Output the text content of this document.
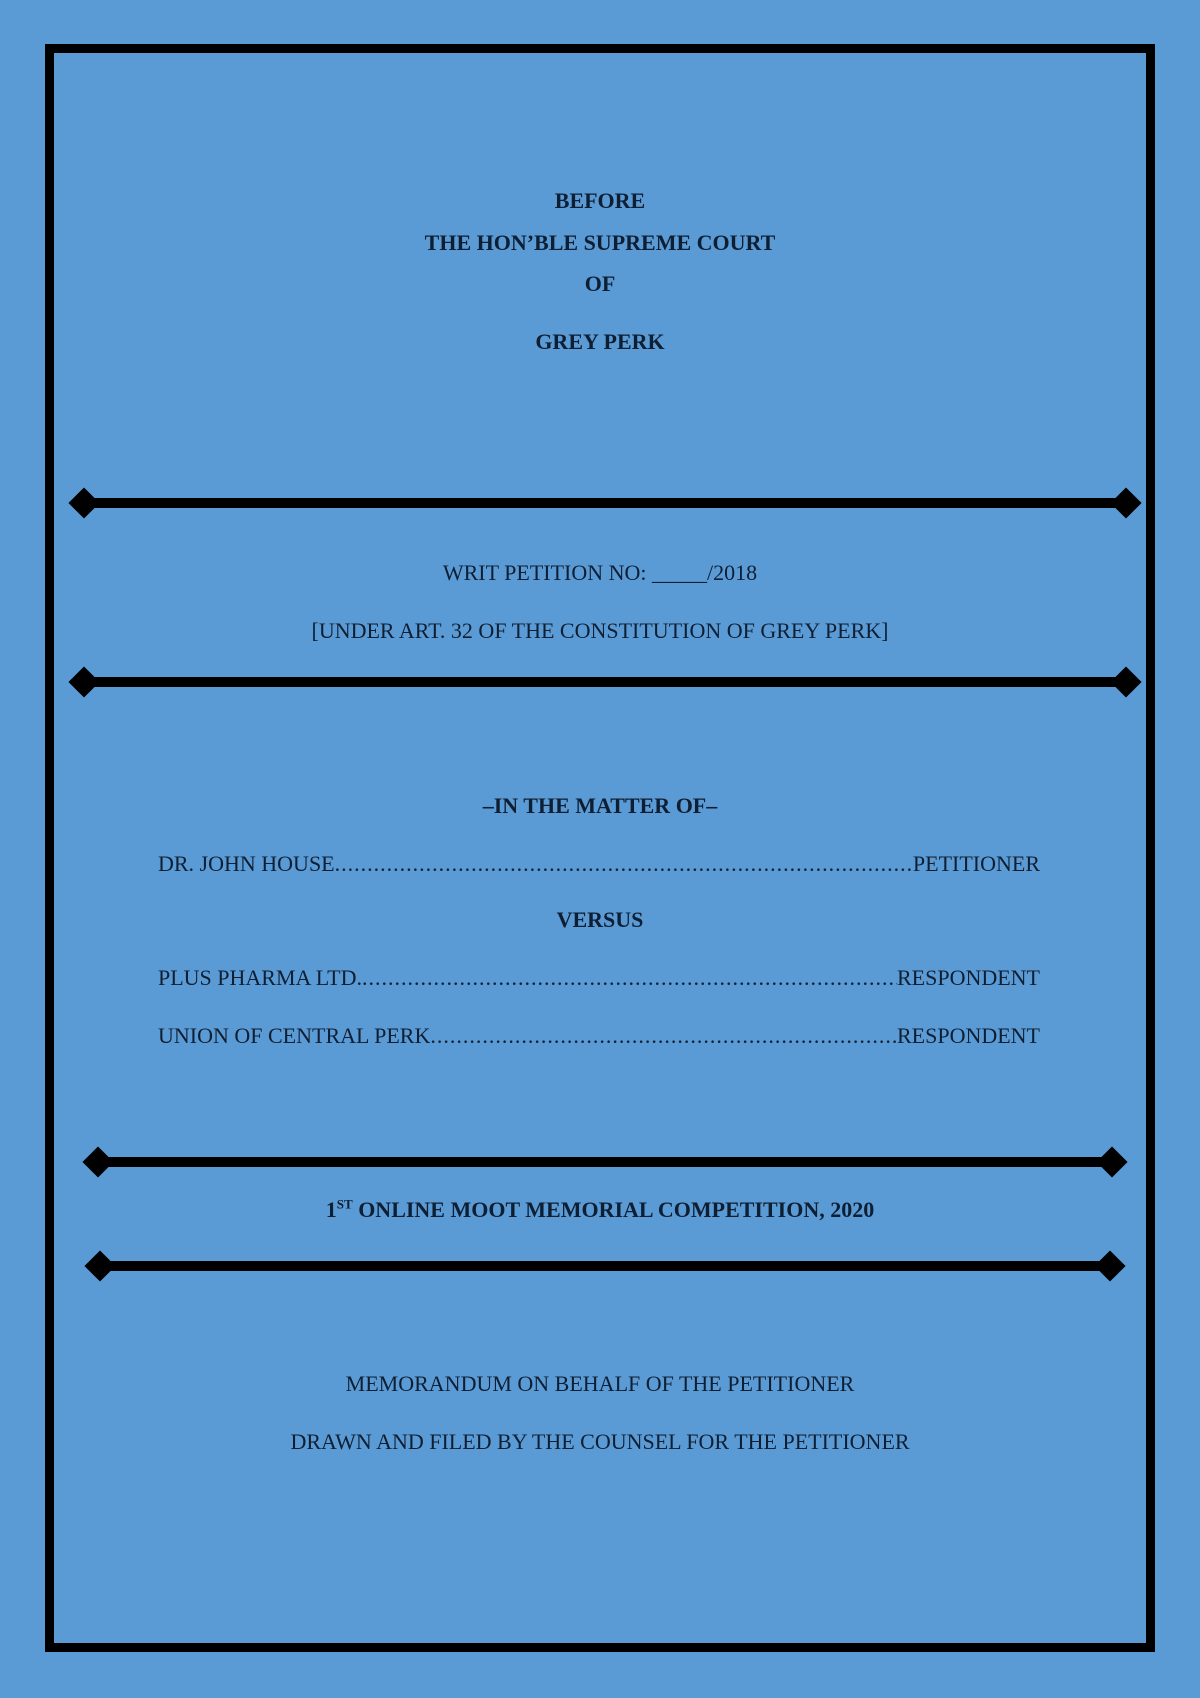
BEFORE
THE HON’BLE SUPREME COURT
OF
GREY PERK
WRIT PETITION NO: _____/2018
[UNDER ART. 32 OF THE CONSTITUTION OF GREY PERK]
–IN THE MATTER OF–
DR. JOHN HOUSE .....	PETITIONER
VERSUS
PLUS PHARMA LTD. .....	RESPONDENT
UNION OF CENTRAL PERK .....	RESPONDENT
1ST ONLINE MOOT MEMORIAL COMPETITION, 2020
MEMORANDUM ON BEHALF OF THE PETITIONER
DRAWN AND FILED BY THE COUNSEL FOR THE PETITIONER
